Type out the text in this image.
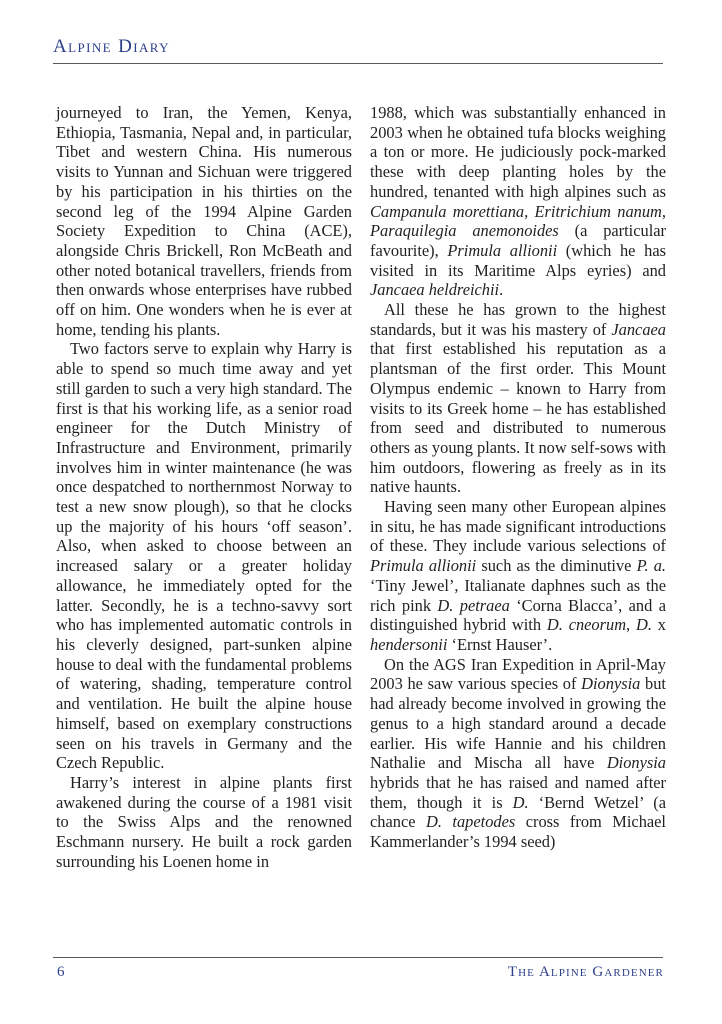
Alpine Diary

journeyed to Iran, the Yemen, Kenya, Ethiopia, Tasmania, Nepal and, in particular, Tibet and western China. His numerous visits to Yunnan and Sichuan were triggered by his participation in his thirties on the second leg of the 1994 Alpine Garden Society Expedition to China (ACE), alongside Chris Brickell, Ron McBeath and other noted botanical travellers, friends from then onwards whose enterprises have rubbed off on him. One wonders when he is ever at home, tending his plants.

Two factors serve to explain why Harry is able to spend so much time away and yet still garden to such a very high standard. The first is that his working life, as a senior road engineer for the Dutch Ministry of Infrastructure and Environment, primarily involves him in winter maintenance (he was once despatched to northernmost Norway to test a new snow plough), so that he clocks up the majority of his hours ‘off season’. Also, when asked to choose between an increased salary or a greater holiday allowance, he immediately opted for the latter. Secondly, he is a techno-savvy sort who has implemented automatic controls in his cleverly designed, part-sunken alpine house to deal with the fundamental problems of watering, shading, temperature control and ventilation. He built the alpine house himself, based on exemplary constructions seen on his travels in Germany and the Czech Republic.

Harry’s interest in alpine plants first awakened during the course of a 1981 visit to the Swiss Alps and the renowned Eschmann nursery. He built a rock garden surrounding his Loenen home in

1988, which was substantially enhanced in 2003 when he obtained tufa blocks weighing a ton or more. He judiciously pock-marked these with deep planting holes by the hundred, tenanted with high alpines such as Campanula morettiana, Eritrichium nanum, Paraquilegia anemonoides (a particular favourite), Primula allionii (which he has visited in its Maritime Alps eyries) and Jancaea heldreichii.

All these he has grown to the highest standards, but it was his mastery of Jancaea that first established his reputation as a plantsman of the first order. This Mount Olympus endemic – known to Harry from visits to its Greek home – he has established from seed and distributed to numerous others as young plants. It now self-sows with him outdoors, flowering as freely as in its native haunts.

Having seen many other European alpines in situ, he has made significant introductions of these. They include various selections of Primula allionii such as the diminutive P. a. ‘Tiny Jewel’, Italianate daphnes such as the rich pink D. petraea ‘Corna Blacca’, and a distinguished hybrid with D. cneorum, D. x hendersonii ‘Ernst Hauser’.

On the AGS Iran Expedition in April-May 2003 he saw various species of Dionysia but had already become involved in growing the genus to a high standard around a decade earlier. His wife Hannie and his children Nathalie and Mischa all have Dionysia hybrids that he has raised and named after them, though it is D. ‘Bernd Wetzel’ (a chance D. tapetodes cross from Michael Kammerlander’s 1994 seed)

6	The Alpine Gardener
